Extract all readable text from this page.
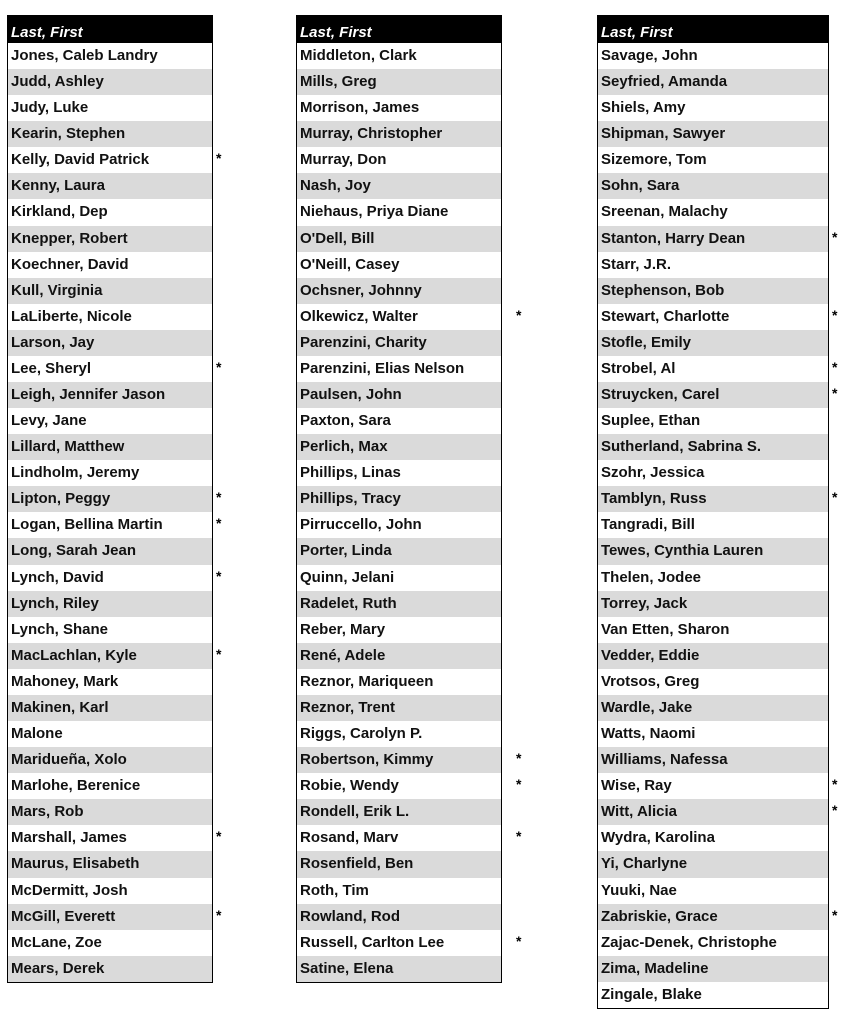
Last, First
Jones, Caleb Landry
Judd, Ashley
Judy, Luke
Kearin, Stephen
Kelly, David Patrick	*
Kenny, Laura
Kirkland, Dep
Knepper, Robert
Koechner, David
Kull, Virginia
LaLiberte, Nicole
Larson, Jay
Lee, Sheryl	*
Leigh, Jennifer Jason
Levy, Jane
Lillard, Matthew
Lindholm, Jeremy
Lipton, Peggy	*
Logan, Bellina Martin	*
Long, Sarah Jean
Lynch, David	*
Lynch, Riley
Lynch, Shane
MacLachlan, Kyle	*
Mahoney, Mark
Makinen, Karl
Malone
Maridueña, Xolo
Marlohe, Berenice
Mars, Rob
Marshall, James	*
Maurus, Elisabeth
McDermitt, Josh
McGill, Everett	*
McLane, Zoe
Mears, Derek
Last, First
Middleton, Clark
Mills, Greg
Morrison, James
Murray, Christopher
Murray, Don
Nash, Joy
Niehaus, Priya Diane
O'Dell, Bill
O'Neill, Casey
Ochsner, Johnny
Olkewicz, Walter	*
Parenzini, Charity
Parenzini, Elias Nelson
Paulsen, John
Paxton, Sara
Perlich, Max
Phillips, Linas
Phillips, Tracy
Pirruccello, John
Porter, Linda
Quinn, Jelani
Radelet, Ruth
Reber, Mary
René, Adele
Reznor, Mariqueen
Reznor, Trent
Riggs, Carolyn P.
Robertson, Kimmy	*
Robie, Wendy	*
Rondell, Erik L.
Rosand, Marv	*
Rosenfield, Ben
Roth, Tim
Rowland, Rod
Russell, Carlton Lee	*
Satine, Elena
Last, First
Savage, John
Seyfried, Amanda
Shiels, Amy
Shipman, Sawyer
Sizemore, Tom
Sohn, Sara
Sreenan, Malachy
Stanton, Harry Dean	*
Starr, J.R.
Stephenson, Bob
Stewart, Charlotte	*
Stofle, Emily
Strobel, Al	*
Struycken, Carel	*
Suplee, Ethan
Sutherland, Sabrina S.
Szohr, Jessica
Tamblyn, Russ	*
Tangradi, Bill
Tewes, Cynthia Lauren
Thelen, Jodee
Torrey, Jack
Van Etten, Sharon
Vedder, Eddie
Vrotsos, Greg
Wardle, Jake
Watts, Naomi
Williams, Nafessa
Wise, Ray	*
Witt, Alicia	*
Wydra, Karolina
Yi, Charlyne
Yuuki, Nae
Zabriskie, Grace	*
Zajac-Denek, Christophe
Zima, Madeline
Zingale, Blake
